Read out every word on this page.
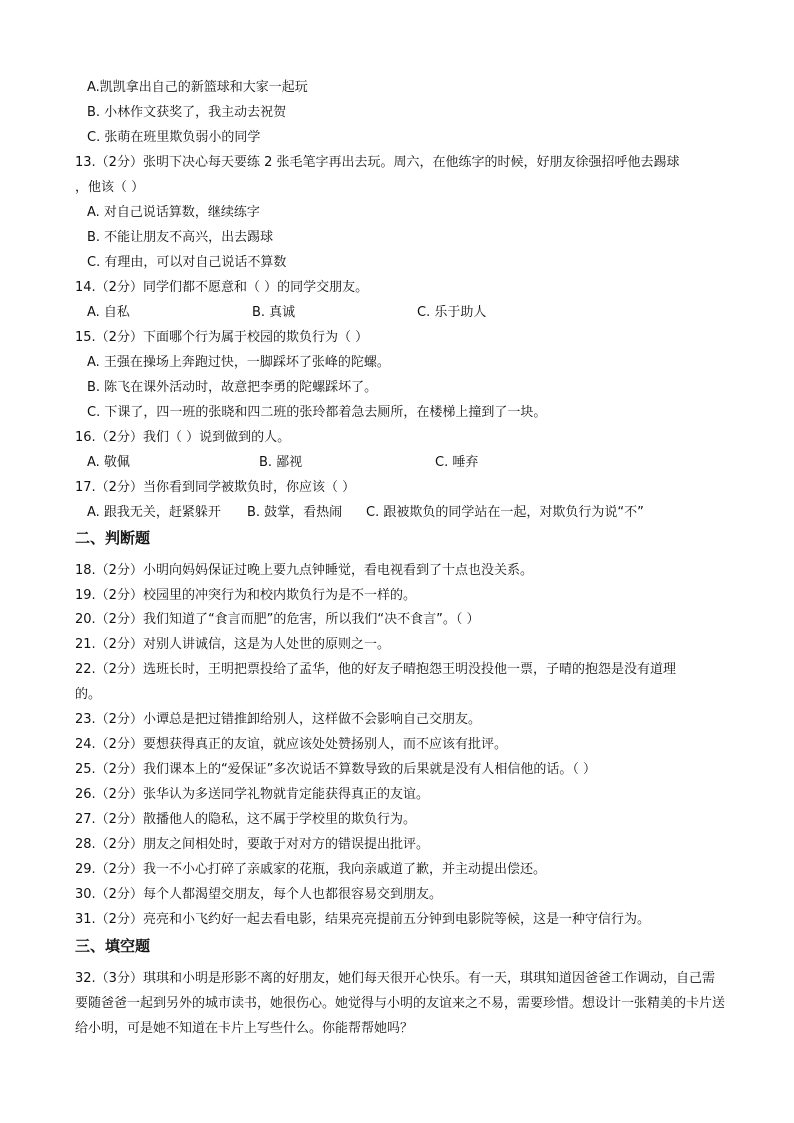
A.凯凯拿出自己的新篮球和大家一起玩
B. 小林作文获奖了，我主动去祝贺
C. 张萌在班里欺负弱小的同学
13.（2分）张明下决心每天要练 2 张毛笔字再出去玩。周六，在他练字的时候，好朋友徐强招呼他去踢球
，他该（ ）
A. 对自己说话算数，继续练字
B. 不能让朋友不高兴，出去踢球
C. 有理由，可以对自己说话不算数
14.（2分）同学们都不愿意和（ ）的同学交朋友。
A. 自私	B. 真诚	C. 乐于助人
15.（2分）下面哪个行为属于校园的欺负行为（ ）
A. 王强在操场上奔跑过快，一脚踩坏了张峰的陀螺。
B. 陈飞在课外活动时，故意把李勇的陀螺踩坏了。
C. 下课了，四一班的张晓和四二班的张玲都着急去厕所，在楼梯上撞到了一块。
16.（2分）我们（ ）说到做到的人。
A. 敬佩	B. 鄙视	C. 唾弃
17.（2分）当你看到同学被欺负时，你应该（ ）
A. 跟我无关，赶紧躲开 B. 鼓掌，看热闹 C. 跟被欺负的同学站在一起，对欺负行为说“不”
二、判断题
18.（2分）小明向妈妈保证过晚上要九点钟睡觉，看电视看到了十点也没关系。
19.（2分）校园里的冲突行为和校内欺负行为是不一样的。
20.（2分）我们知道了“食言而肥”的危害，所以我们“决不食言”。（ ）
21.（2分）对别人讲诚信，这是为人处世的原则之一。
22.（2分）选班长时，王明把票投给了孟华，他的好友子晴抱怨王明没投他一票，子晴的抱怨是没有道理
的。
23.（2分）小谭总是把过错推卸给别人，这样做不会影响自己交朋友。
24.（2分）要想获得真正的友谊，就应该处处赞扬别人，而不应该有批评。
25.（2分）我们课本上的“爱保证”多次说话不算数导致的后果就是没有人相信他的话。（ ）
26.（2分）张华认为多送同学礼物就肯定能获得真正的友谊。
27.（2分）散播他人的隐私，这不属于学校里的欺负行为。
28.（2分）朋友之间相处时，要敢于对对方的错误提出批评。
29.（2分）我一不小心打碎了亲戚家的花瓶，我向亲戚道了歉，并主动提出偿还。
30.（2分）每个人都渴望交朋友，每个人也都很容易交到朋友。
31.（2分）亮亮和小飞约好一起去看电影，结果亮亮提前五分钟到电影院等候，这是一种守信行为。
三、填空题
32.（3分）琪琪和小明是形影不离的好朋友，她们每天很开心快乐。有一天，琪琪知道因爸爸工作调动，自己需要随爸爸一起到另外的城市读书，她很伤心。她觉得与小明的友谊来之不易，需要珍惜。想设计一张精美的卡片送给小明，可是她不知道在卡片上写些什么。你能帮帮她吗？
